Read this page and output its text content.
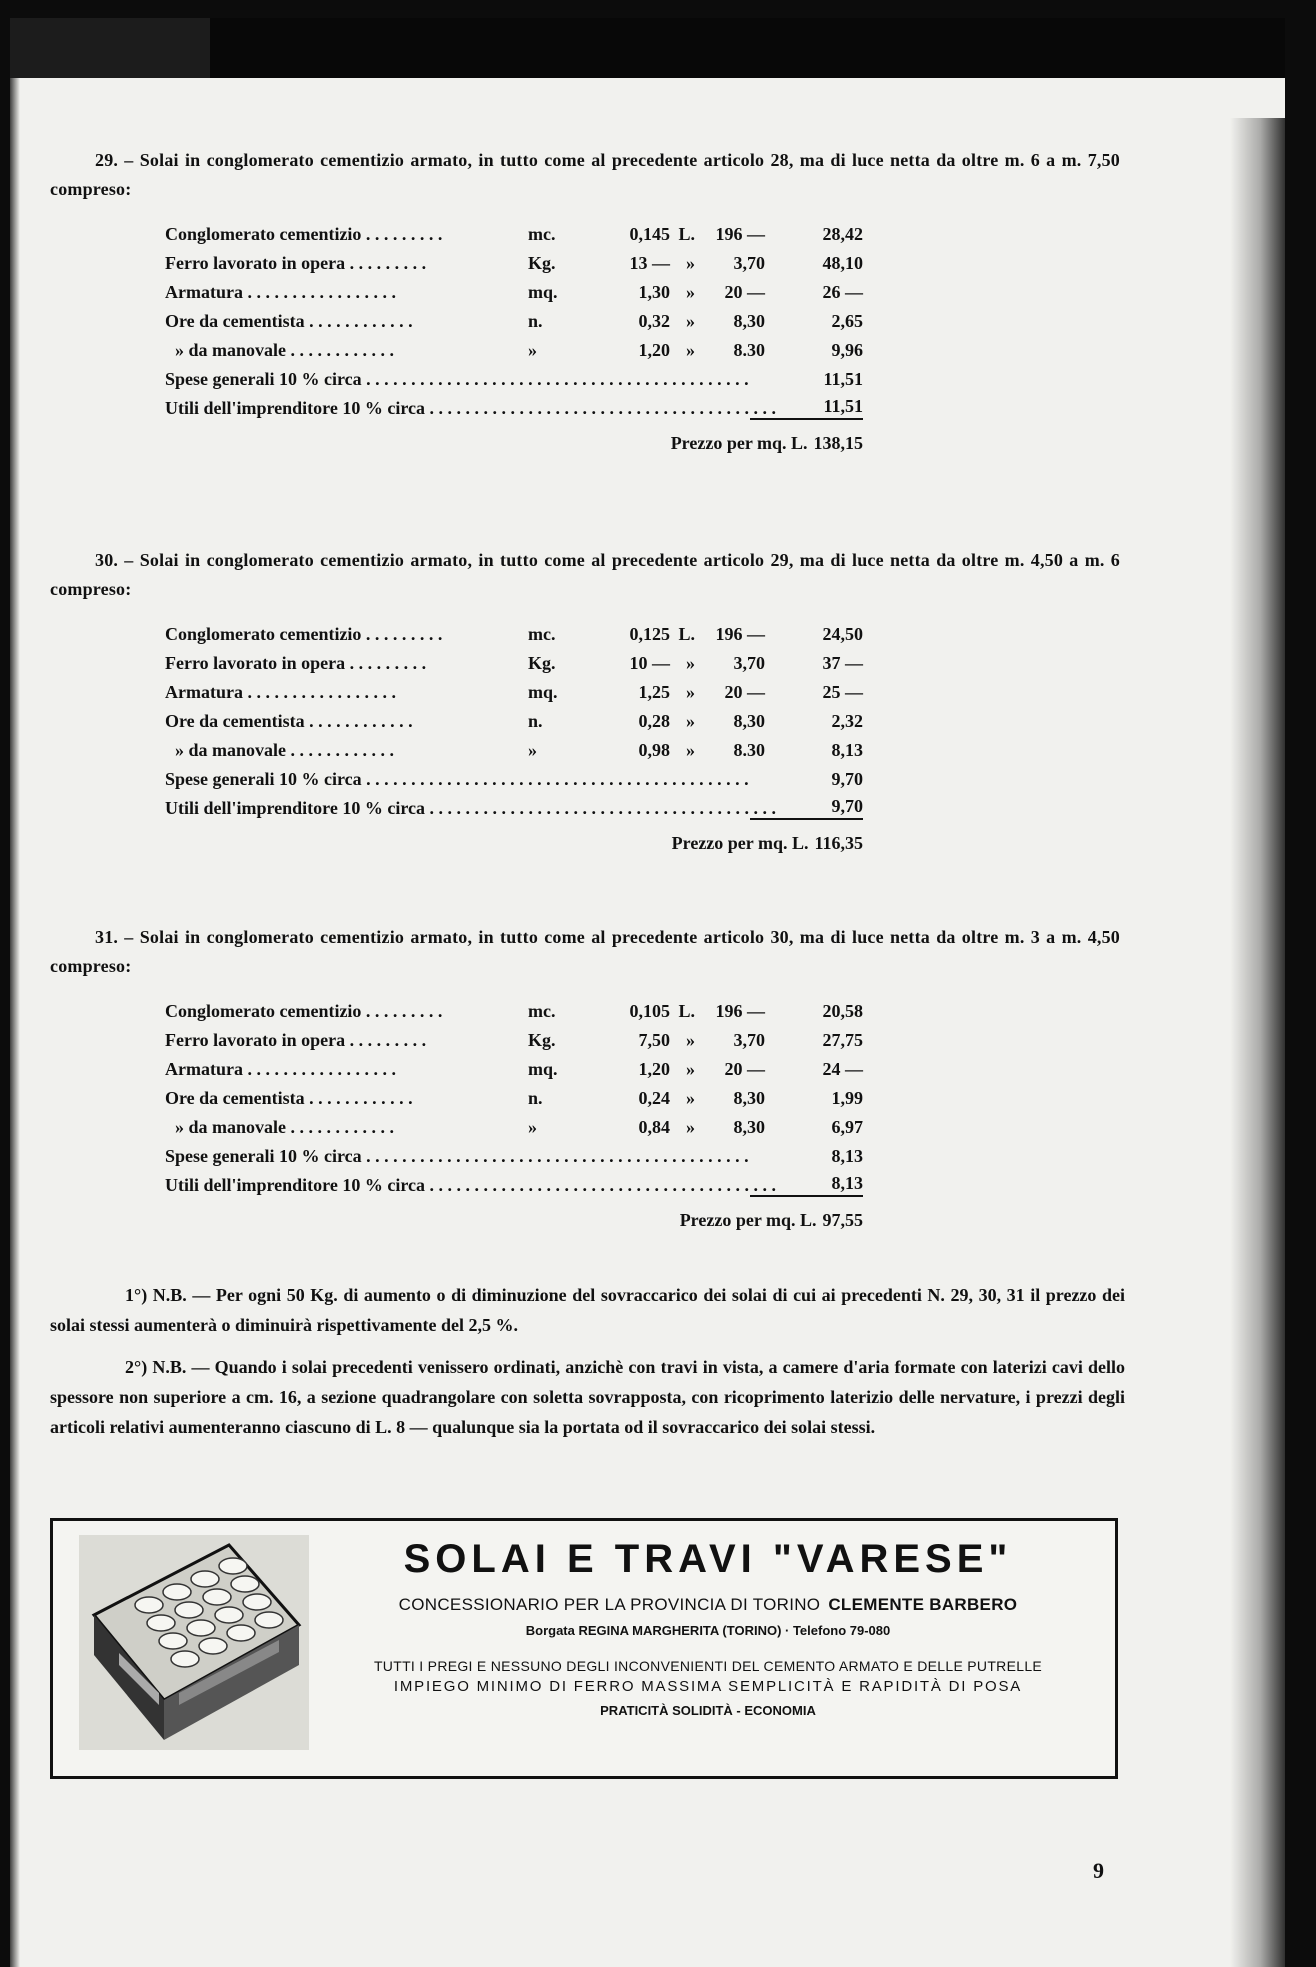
29. – Solai in conglomerato cementizio armato, in tutto come al precedente articolo 28, ma di luce netta da oltre m. 6 a m. 7,50 compreso:

Conglomerato cementizio . . . . . . . . .	mc.	0,145 L.	196 —	28,42
Ferro lavorato in opera . . . . . . . . .	Kg.	13 — »	3,70	48,10
Armatura . . . . . . . . . . . . . . . . .	mq.	1,30 »	20 —	26 —
Ore da cementista . . . . . . . . . . . .	n.	0,32 »	8,30	2,65
» da manovale . . . . . . . . . . . .	»	1,20 »	8.30	9,96
Spese generali 10 % circa . . . . . . . . . . . . . . . . . . . . . . . . . . . . . . . . . . . . . . . . . . .	11,51
Utili dell'imprenditore 10 % circa . . . . . . . . . . . . . . . . . . . . . . . . . . . . . . . . . . . . . . .	11,51
Prezzo per mq. L. 138,15

30. – Solai in conglomerato cementizio armato, in tutto come al precedente articolo 29, ma di luce netta da oltre m. 4,50 a m. 6 compreso:

Conglomerato cementizio . . . . . . . . .	mc.	0,125 L.	196 —	24,50
Ferro lavorato in opera . . . . . . . . .	Kg.	10 — »	3,70	37 —
Armatura . . . . . . . . . . . . . . . . .	mq.	1,25 »	20 —	25 —
Ore da cementista . . . . . . . . . . . .	n.	0,28 »	8,30	2,32
» da manovale . . . . . . . . . . . .	»	0,98 »	8.30	8,13
Spese generali 10 % circa . . . . . . . . . . . . . . . . . . . . . . . . . . . . . . . . . . . . . . . . . . .	9,70
Utili dell'imprenditore 10 % circa . . . . . . . . . . . . . . . . . . . . . . . . . . . . . . . . . . . . . . .	9,70
Prezzo per mq. L. 116,35

31. – Solai in conglomerato cementizio armato, in tutto come al precedente articolo 30, ma di luce netta da oltre m. 3 a m. 4,50 compreso:

Conglomerato cementizio . . . . . . . . .	mc.	0,105 L.	196 —	20,58
Ferro lavorato in opera . . . . . . . . .	Kg.	7,50 »	3,70	27,75
Armatura . . . . . . . . . . . . . . . . .	mq.	1,20 »	20 —	24 —
Ore da cementista . . . . . . . . . . . .	n.	0,24 »	8,30	1,99
» da manovale . . . . . . . . . . . .	»	0,84 »	8,30	6,97
Spese generali 10 % circa . . . . . . . . . . . . . . . . . . . . . . . . . . . . . . . . . . . . . . . . . . .	8,13
Utili dell'imprenditore 10 % circa . . . . . . . . . . . . . . . . . . . . . . . . . . . . . . . . . . . . . . .	8,13
Prezzo per mq. L. 97,55

1°) N.B. — Per ogni 50 Kg. di aumento o di diminuzione del sovraccarico dei solai di cui ai precedenti N. 29, 30, 31 il prezzo dei solai stessi aumenterà o diminuirà rispettivamente del 2,5 %.

2°) N.B. — Quando i solai precedenti venissero ordinati, anzichè con travi in vista, a camere d'aria formate con laterizi cavi dello spessore non superiore a cm. 16, a sezione quadrangolare con soletta sovrapposta, con ricoprimento laterizio delle nervature, i prezzi degli articoli relativi aumenteranno ciascuno di L. 8 — qualunque sia la portata od il sovraccarico dei solai stessi.

SOLAI E TRAVI "VARESE"

CONCESSIONARIO PER LA PROVINCIA DI TORINO CLEMENTE BARBERO
Borgata REGINA MARGHERITA (TORINO) · Telefono 79-080
TUTTI I PREGI E NESSUNO DEGLI INCONVENIENTI DEL CEMENTO ARMATO E DELLE PUTRELLE
IMPIEGO MINIMO DI FERRO MASSIMA SEMPLICITÀ E RAPIDITÀ DI POSA
PRATICITÀ SOLIDITÀ - ECONOMIA
9
